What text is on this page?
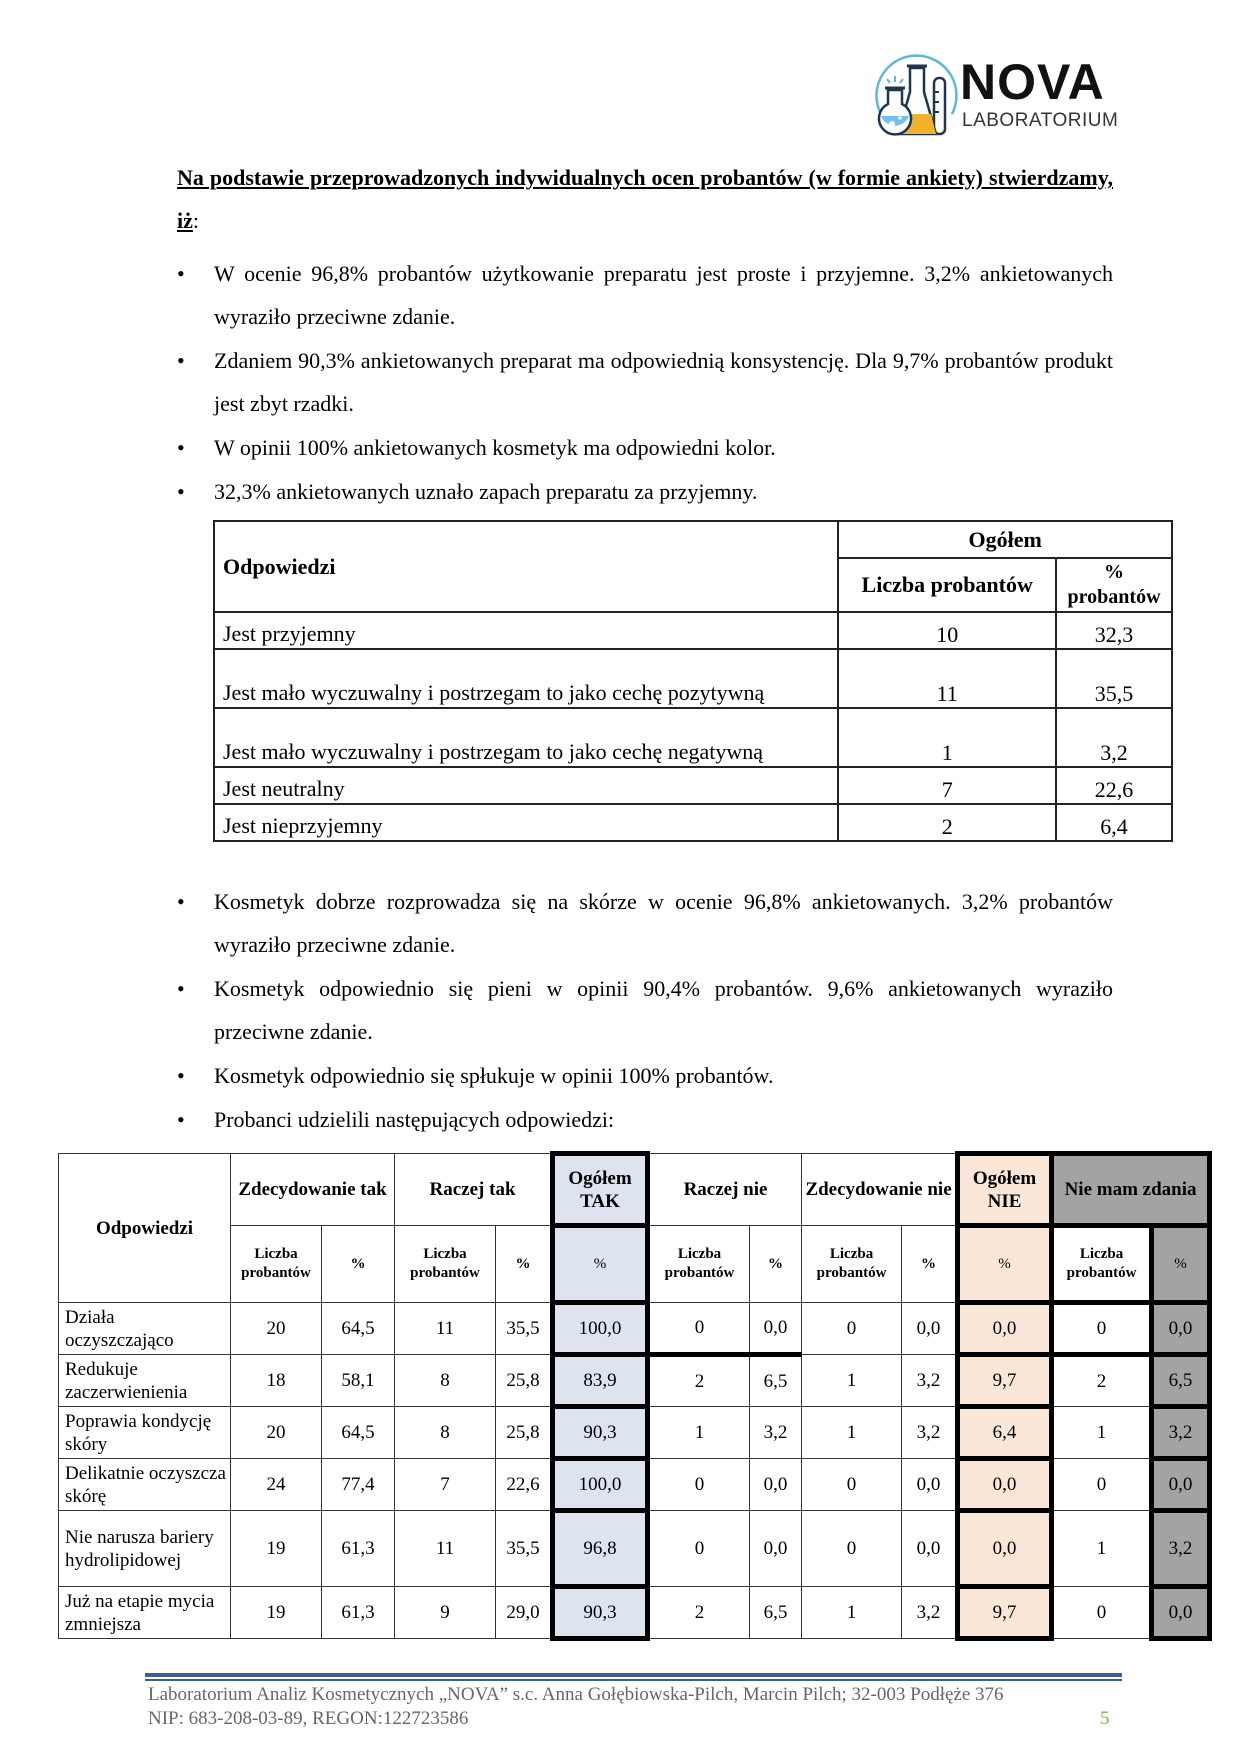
NOVA
LABORATORIUM
Na podstawie przeprowadzonych indywidualnych ocen probantów (w formie ankiety) stwierdzamy, iż:
• W ocenie 96,8% probantów użytkowanie preparatu jest proste i przyjemne. 3,2% ankietowanych wyraziło przeciwne zdanie.
• Zdaniem 90,3% ankietowanych preparat ma odpowiednią konsystencję. Dla 9,7% probantów produkt jest zbyt rzadki.
• W opinii 100% ankietowanych kosmetyk ma odpowiedni kolor.
• 32,3% ankietowanych uznało zapach preparatu za przyjemny.
Odpowiedzi	Ogółem	
	Liczba probantów	%
probantów
Jest przyjemny	10	32,3
Jest mało wyczuwalny i postrzegam to jako cechę pozytywną	11	35,5
Jest mało wyczuwalny i postrzegam to jako cechę negatywną	1	3,2
Jest neutralny	7	22,6
Jest nieprzyjemny	2	6,4
• Kosmetyk dobrze rozprowadza się na skórze w ocenie 96,8% ankietowanych. 3,2% probantów wyraziło przeciwne zdanie.
• Kosmetyk odpowiednio się pieni w opinii 90,4% probantów. 9,6% ankietowanych wyraziło przeciwne zdanie.
• Kosmetyk odpowiednio się spłukuje w opinii 100% probantów.
• Probanci udzielili następujących odpowiedzi:
Odpowiedzi	Zdecydowanie tak		Raczej tak		Ogółem TAK	Raczej nie		Zdecydowanie nie		Ogółem NIE	Nie mam zdania	
	Liczba probantów	%	Liczba probantów	%	%	Liczba probantów	%	Liczba probantów	%	%	Liczba probantów	%
Działa oczyszczająco	20	64,5	11	35,5	100,0	0	0,0	0	0,0	0,0	0	0,0
Redukuje zaczerwienienia	18	58,1	8	25,8	83,9	2	6,5	1	3,2	9,7	2	6,5
Poprawia kondycję skóry	20	64,5	8	25,8	90,3	1	3,2	1	3,2	6,4	1	3,2
Delikatnie oczyszcza skórę	24	77,4	7	22,6	100,0	0	0,0	0	0,0	0,0	0	0,0
Nie narusza bariery hydrolipidowej	19	61,3	11	35,5	96,8	0	0,0	0	0,0	0,0	1	3,2
Już na etapie mycia zmniejsza	19	61,3	9	29,0	90,3	2	6,5	1	3,2	9,7	0	0,0
Laboratorium Analiz Kosmetycznych „NOVA” s.c. Anna Gołębiowska-Pilch, Marcin Pilch; 32-003 Podłęże 376
NIP: 683-208-03-89, REGON:122723586	5
